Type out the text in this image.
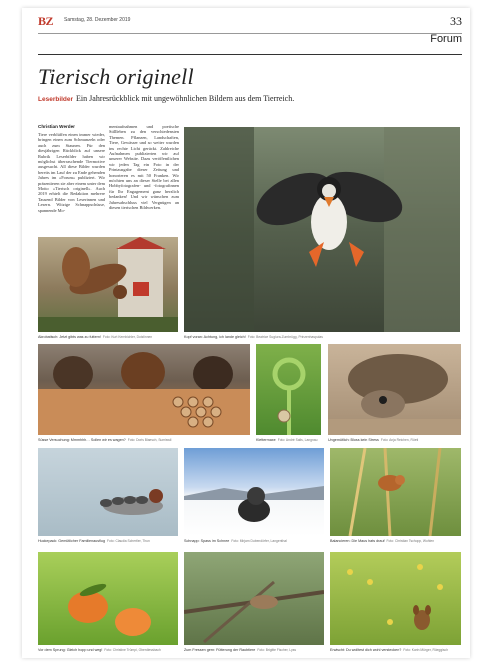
BZ Samstag, 28. Dezember 2019	33
Forum
Tierisch originell
Leserbilder Ein Jahresrückblick mit ungewöhnlichen Bildern aus dem Tierreich.
Christian Werder
Tiere verblüffen einen immer wieder, bringen einen zum Schmunzeln oder auch zum Staunen. Für den diesjährigen Rückblick auf unsere Rubrik Leserbilder haben wir möglichst überraschende Tiermotive ausgesucht. All diese Bilder wurden bereits im Lauf der zu Ende gehenden Jahres im «Forum» publiziert. Wir präsentieren sie aber einem unter dem Motto «Tierisch originell». Auch 2019 erhielt die Redaktion mehrere Tausend Bilder von Leserinnen und Lesern. Witzige Schnappschüsse, spannende Mo-
mentaufnahmen und poetische Stillleben zu den verschiedensten Themen. Pflanzen, Landschaften, Tiere, Gewässer und so weiter wurden ins rechte Licht gerückt. Zahlreiche Aufnahmen publizierten wir auf unserer Website. Dazu veröffentlichen wir jeden Tag ein Foto in der Printausgabe dieser Zeitung und honorieren es mit 50 Franken. Wir möchten uns an dieser Stelle bei allen Hobbyfotografen- und -fotografinnen für Ihr Engagement ganz herzlich bedanken! Und wir wünschen zum Jahresabschluss viel Vergnügen an diesen tierischen Bildwerken.
Akrobatisch: Jetzt gibts was zu futtern! Foto: Kurt Kernbichler, Dotzlinnen	Kopf voran: Achtung, ich lande gleich! Foto: Beatrice Sugiura-Zumbrügg, Prinzenhaspulas
Süsse Versuchung: Mmmhhh… Sollen wir es wagen? Foto: Doris Blaesch, Sumiswil	Klettermaxe Foto: André Salis, Langnau	Ungemütlich: Bloss kein Stress Foto: Anja Reichen, Rüeti
Huckepack: Gemütlicher Familienausflug Foto: Claudia Schertler, Thun	Schnapp: Spass im Schnee Foto: Mirjam Dubendörfer, Langenthal	Balancieren: Die Maus hats drauf Foto: Christian Tschopp, Wohlen
Vor dem Sprung: Gleich hopp und weg! Foto: Christine Trümpi, Oberdiessbach	Zum Fressen gern: Fütterung der Raubtiere Foto: Brigitte Fischer, Lyss	Erwischt: Du wolltest dich wohl verstecken? Foto: Karin Mürger, Rüeggisch
